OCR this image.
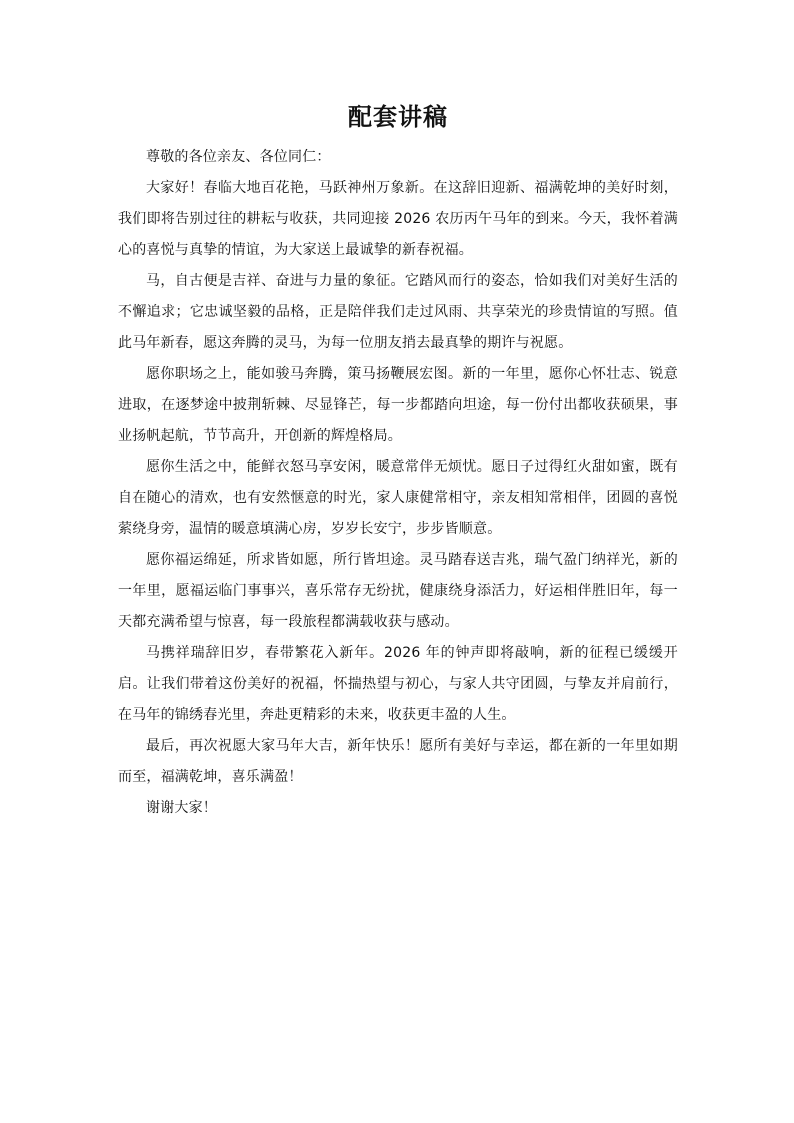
配套讲稿

尊敬的各位亲友、各位同仁：

大家好！春临大地百花艳，马跃神州万象新。在这辞旧迎新、福满乾坤的美好时刻，我们即将告别过往的耕耘与收获，共同迎接 2026 农历丙午马年的到来。今天，我怀着满心的喜悦与真挚的情谊，为大家送上最诚挚的新春祝福。

马，自古便是吉祥、奋进与力量的象征。它踏风而行的姿态，恰如我们对美好生活的不懈追求；它忠诚坚毅的品格，正是陪伴我们走过风雨、共享荣光的珍贵情谊的写照。值此马年新春，愿这奔腾的灵马，为每一位朋友捎去最真挚的期许与祝愿。

愿你职场之上，能如骏马奔腾，策马扬鞭展宏图。新的一年里，愿你心怀壮志、锐意进取，在逐梦途中披荆斩棘、尽显锋芒，每一步都踏向坦途，每一份付出都收获硕果，事业扬帆起航，节节高升，开创新的辉煌格局。

愿你生活之中，能鲜衣怒马享安闲，暖意常伴无烦忧。愿日子过得红火甜如蜜，既有自在随心的清欢，也有安然惬意的时光，家人康健常相守，亲友相知常相伴，团圆的喜悦萦绕身旁，温情的暖意填满心房，岁岁长安宁，步步皆顺意。

愿你福运绵延，所求皆如愿，所行皆坦途。灵马踏春送吉兆，瑞气盈门纳祥光，新的一年里，愿福运临门事事兴，喜乐常存无纷扰，健康绕身添活力，好运相伴胜旧年，每一天都充满希望与惊喜，每一段旅程都满载收获与感动。

马携祥瑞辞旧岁，春带繁花入新年。2026 年的钟声即将敲响，新的征程已缓缓开启。让我们带着这份美好的祝福，怀揣热望与初心，与家人共守团圆，与挚友并肩前行，在马年的锦绣春光里，奔赴更精彩的未来，收获更丰盈的人生。

最后，再次祝愿大家马年大吉，新年快乐！愿所有美好与幸运，都在新的一年里如期而至，福满乾坤，喜乐满盈！

谢谢大家！
